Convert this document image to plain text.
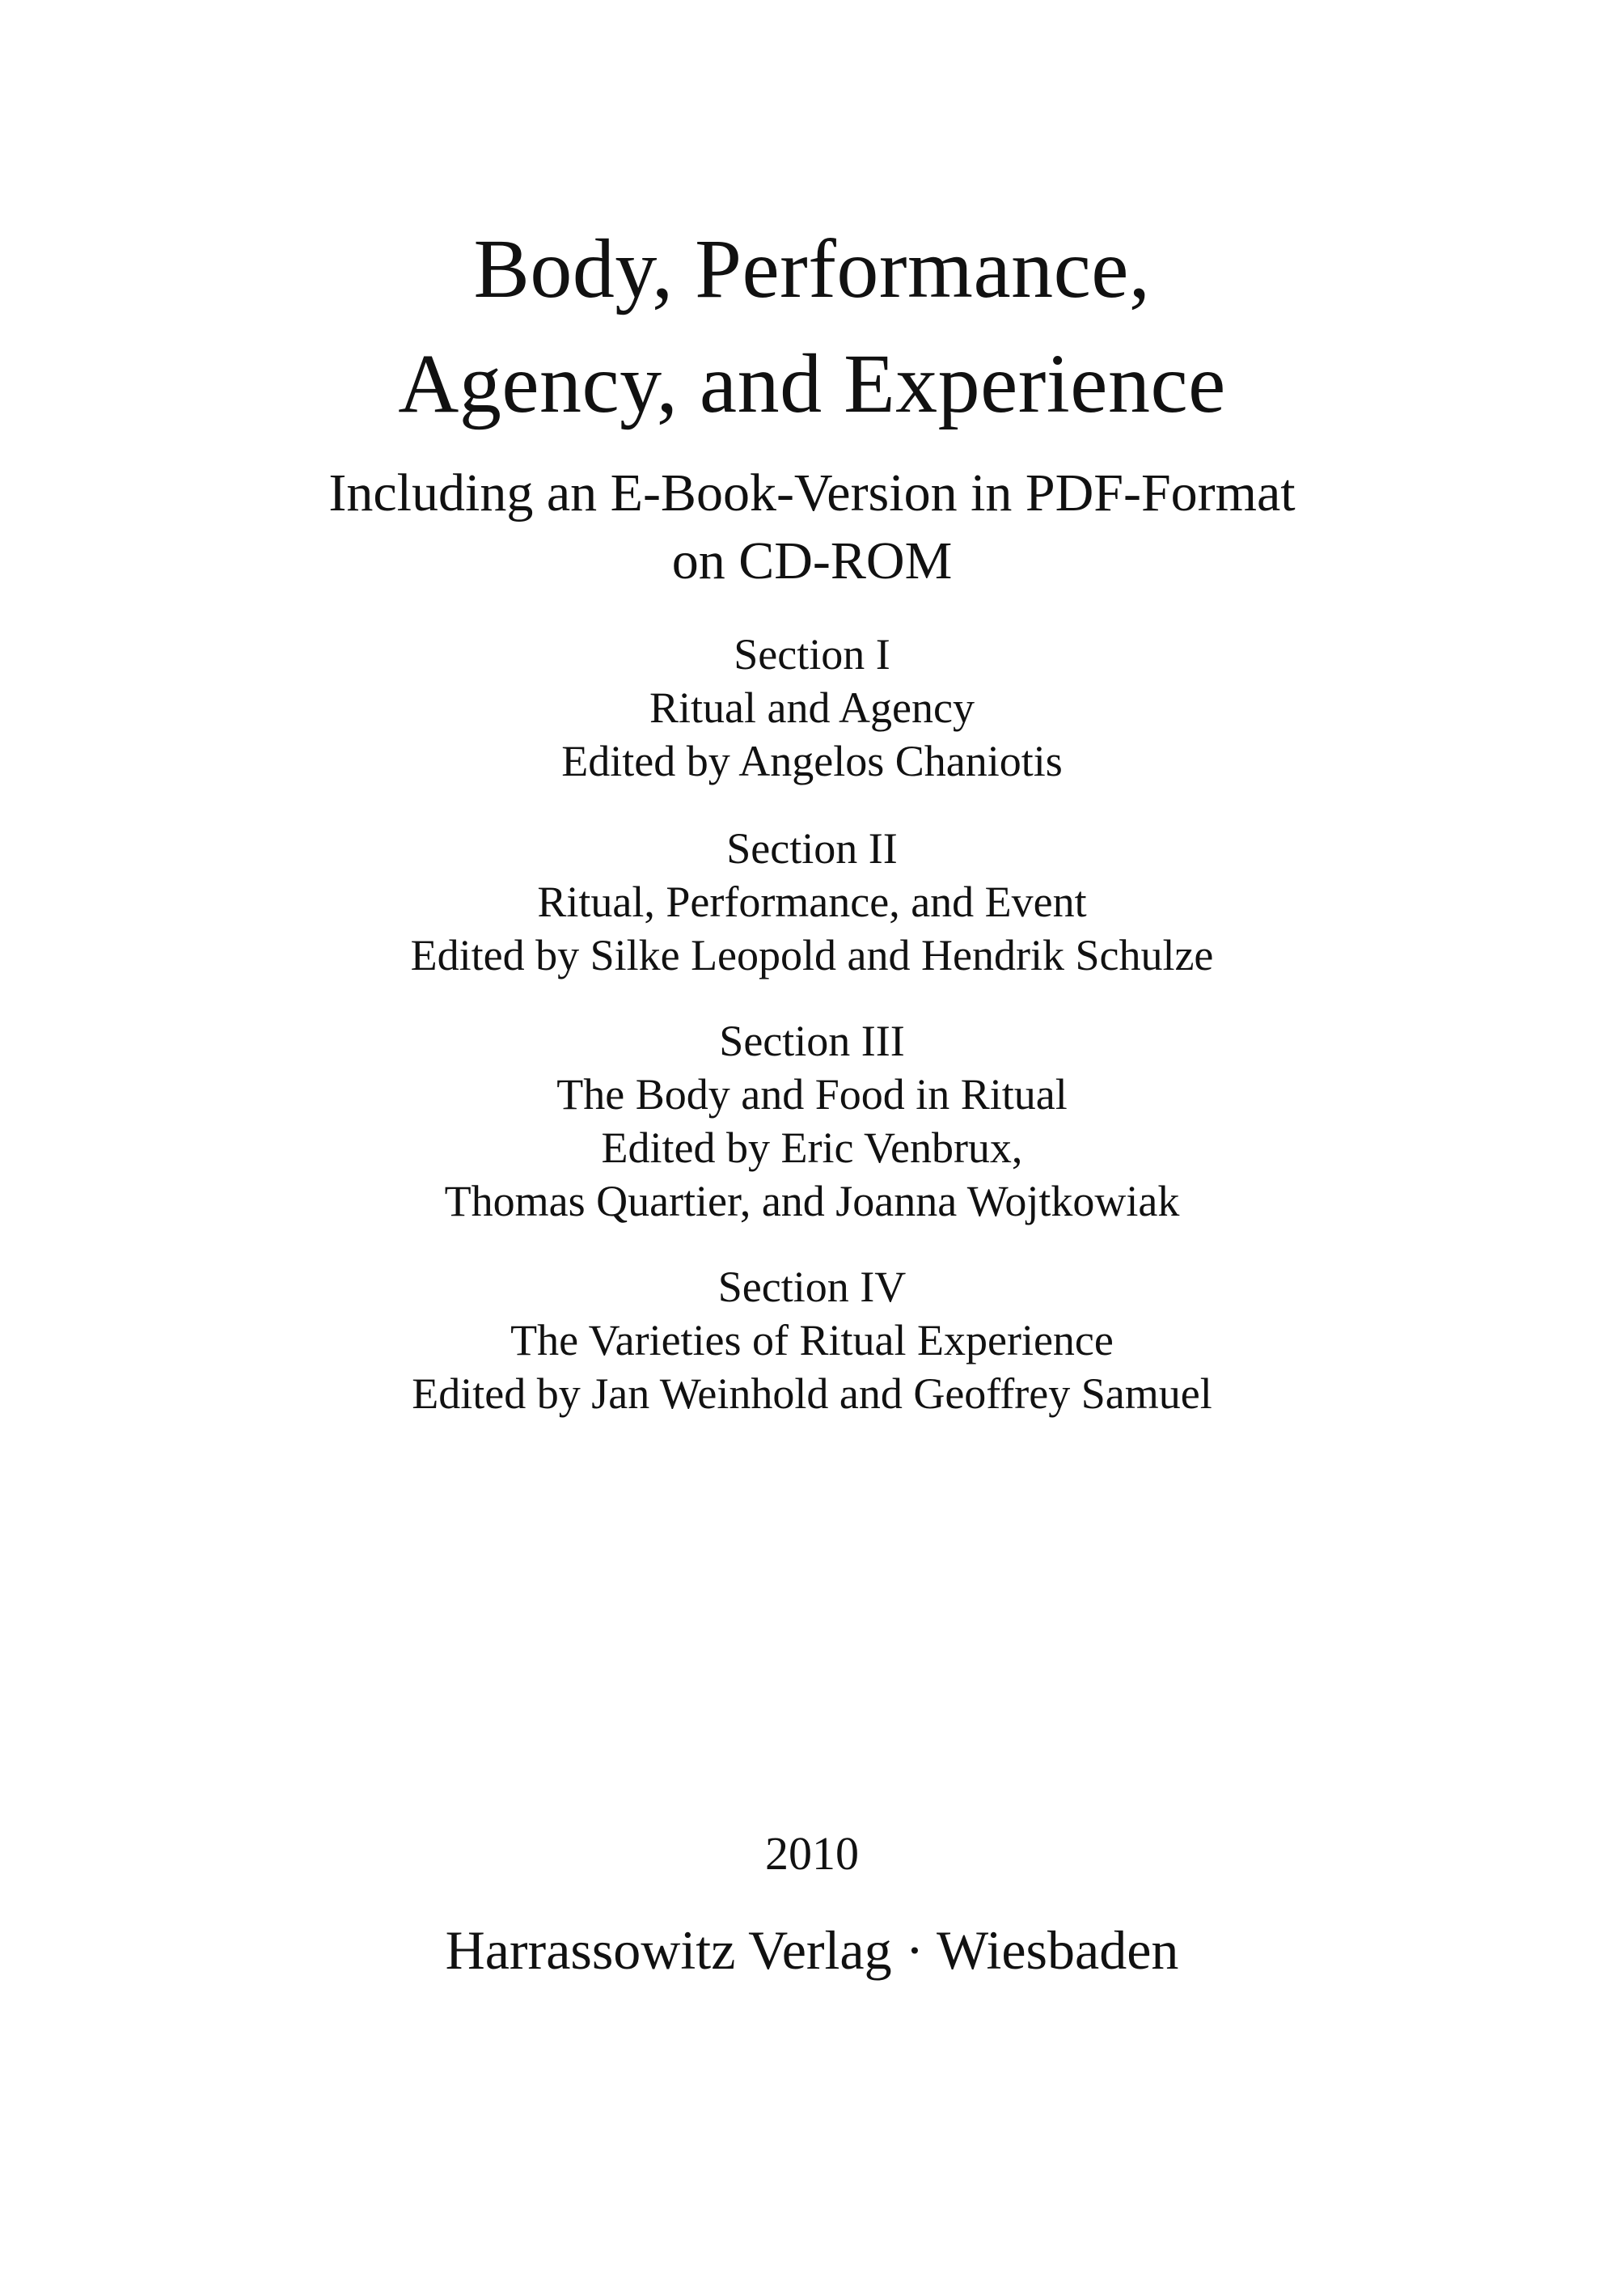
Body, Performance,
Agency, and Experience
Including an E-Book-Version in PDF-Format
on CD-ROM
Section I
Ritual and Agency
Edited by Angelos Chaniotis
Section II
Ritual, Performance, and Event
Edited by Silke Leopold and Hendrik Schulze
Section III
The Body and Food in Ritual
Edited by Eric Venbrux,
Thomas Quartier, and Joanna Wojtkowiak
Section IV
The Varieties of Ritual Experience
Edited by Jan Weinhold and Geoffrey Samuel
2010
Harrassowitz Verlag · Wiesbaden
